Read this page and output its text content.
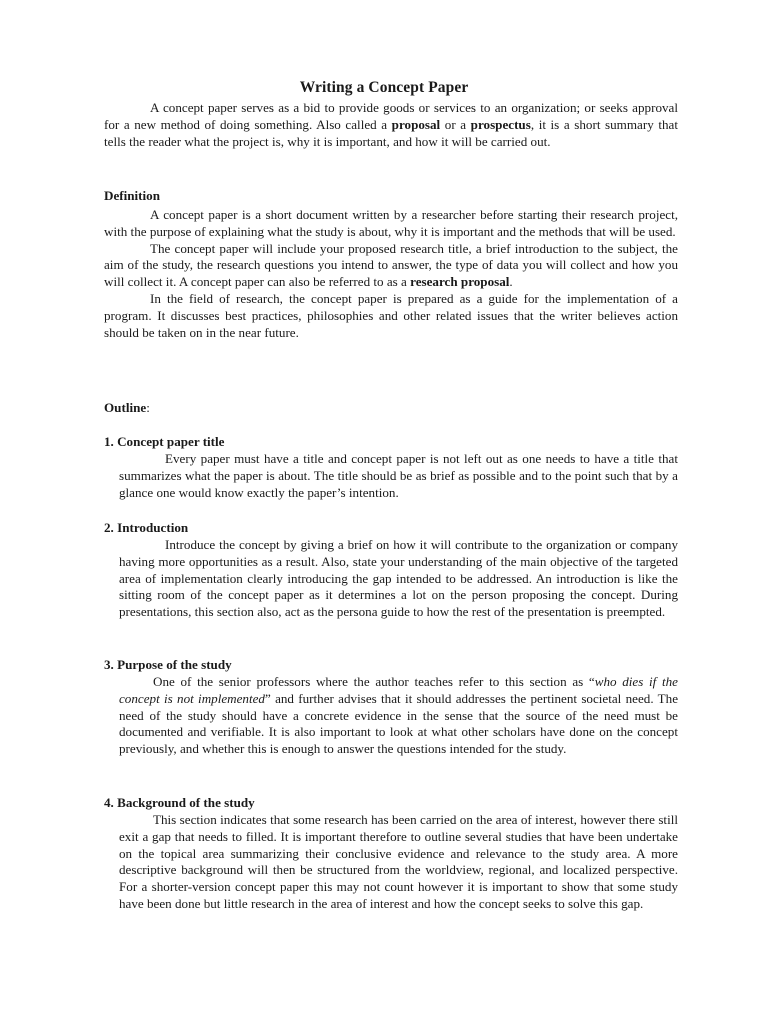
Writing a Concept Paper

A concept paper serves as a bid to provide goods or services to an organization; or seeks approval for a new method of doing something. Also called a proposal or a prospectus, it is a short summary that tells the reader what the project is, why it is important, and how it will be carried out.

Definition

A concept paper is a short document written by a researcher before starting their research project, with the purpose of explaining what the study is about, why it is important and the methods that will be used.

The concept paper will include your proposed research title, a brief introduction to the subject, the aim of the study, the research questions you intend to answer, the type of data you will collect and how you will collect it. A concept paper can also be referred to as a research proposal.

In the field of research, the concept paper is prepared as a guide for the implementation of a program. It discusses best practices, philosophies and other related issues that the writer believes action should be taken on in the near future.

Outline:
1. Concept paper title

Every paper must have a title and concept paper is not left out as one needs to have a title that summarizes what the paper is about. The title should be as brief as possible and to the point such that by a glance one would know exactly the paper’s intention.

2. Introduction

Introduce the concept by giving a brief on how it will contribute to the organization or company having more opportunities as a result. Also, state your understanding of the main objective of the targeted area of implementation clearly introducing the gap intended to be addressed. An introduction is like the sitting room of the concept paper as it determines a lot on the person proposing the concept. During presentations, this section also, act as the persona guide to how the rest of the presentation is preempted.

3. Purpose of the study

One of the senior professors where the author teaches refer to this section as “who dies if the concept is not implemented” and further advises that it should addresses the pertinent societal need. The need of the study should have a concrete evidence in the sense that the source of the need must be documented and verifiable. It is also important to look at what other scholars have done on the concept previously, and whether this is enough to answer the questions intended for the study.

4. Background of the study

This section indicates that some research has been carried on the area of interest, however there still exit a gap that needs to filled. It is important therefore to outline several studies that have been undertake on the topical area summarizing their conclusive evidence and relevance to the study area. A more descriptive background will then be structured from the worldview, regional, and localized perspective. For a shorter-version concept paper this may not count however it is important to show that some study have been done but little research in the area of interest and how the concept seeks to solve this gap.
